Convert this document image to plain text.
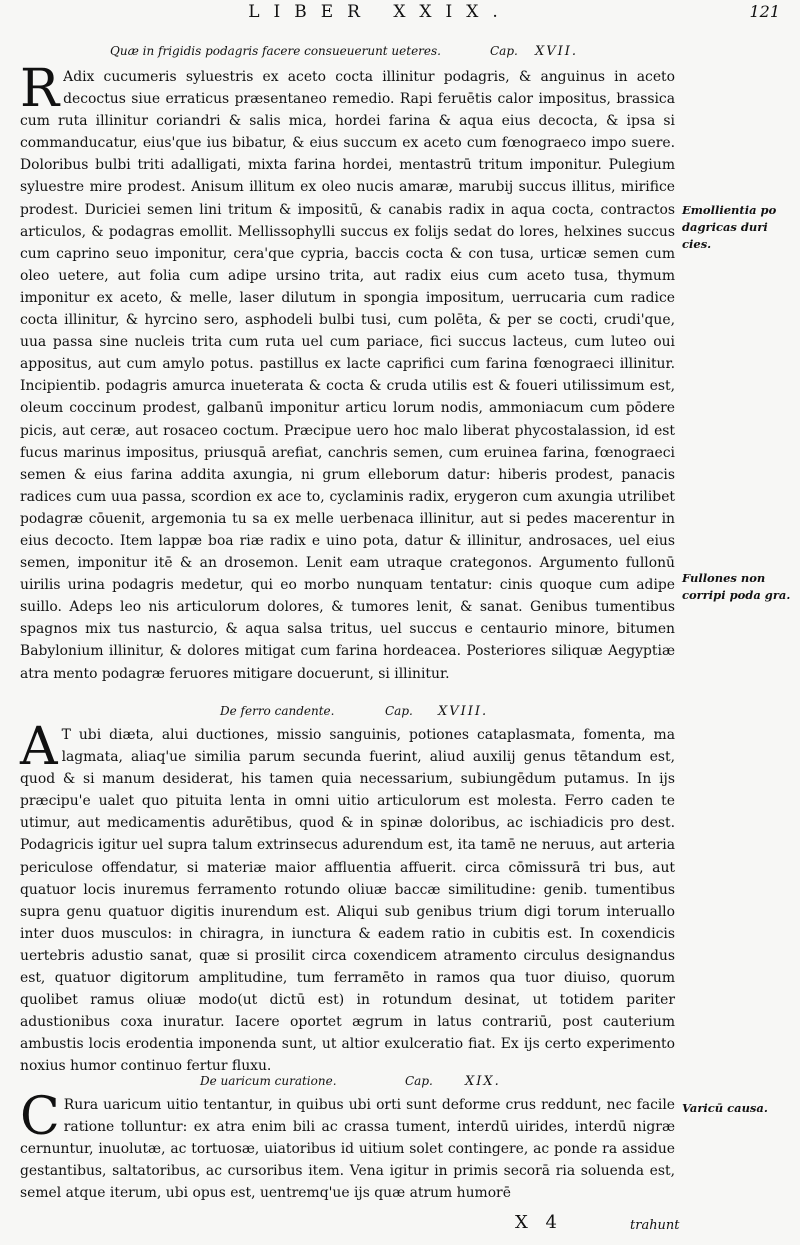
LIBER XXIX.	121
Quæ in frigidis podagris facere consueuerunt ueteres.	Cap. XVII.
R Adix cucumeris syluestris ex aceto cocta illinitur podagris, & anguinus in aceto decoctus siue erraticus præsentaneo remedio. Rapi feruētis calor impositus, brassica cum ruta illinitur coriandri & salis mica, hordei farina & aqua eius decocta, & ipsa si commanducatur, eius'que ius bibatur, & eius succum ex aceto cum fœnograeco impo suere. Doloribus bulbi triti adalligati, mixta farina hordei, mentastrū tritum imponitur. Pulegium syluestre mire prodest. Anisum illitum ex oleo nucis amaræ, marubij succus illitus, mirifice prodest. Duriciei semen lini tritum & impositū, & canabis radix in aqua cocta, contractos articulos, & podagras emollit. Mellissophylli succus ex folijs sedat do lores, helxines succus cum caprino seuo imponitur, cera'que cypria, baccis cocta & con tusa, urticæ semen cum oleo uetere, aut folia cum adipe ursino trita, aut radix eius cum aceto tusa, thymum imponitur ex aceto, & melle, laser dilutum in spongia impositum, uerrucaria cum radice cocta illinitur, & hyrcino sero, asphodeli bulbi tusi, cum polēta, & per se cocti, crudi'que, uua passa sine nucleis trita cum ruta uel cum pariace, fici succus lacteus, cum luteo oui appositus, aut cum amylo potus. pastillus ex lacte caprifici cum farina fœnograeci illinitur. Incipientib. podagris amurca inueterata & cocta & cruda utilis est & foueri utilissimum est, oleum coccinum prodest, galbanū imponitur articu lorum nodis, ammoniacum cum pōdere picis, aut ceræ, aut rosaceo coctum. Præcipue uero hoc malo liberat phycostalassion, id est fucus marinus impositus, priusquā arefiat, canchris semen, cum eruinea farina, fœnograeci semen & eius farina addita axungia, ni grum elleborum datur: hiberis prodest, panacis radices cum uua passa, scordion ex ace to, cyclaminis radix, erygeron cum axungia utrilibet podagræ cōuenit, argemonia tu sa ex melle uerbenaca illinitur, aut si pedes macerentur in eius decocto. Item lappæ boa riæ radix e uino pota, datur & illinitur, androsaces, uel eius semen, imponitur itē & an drosemon. Lenit eam utraque crategonos. Argumento fullonū uirilis urina podagris medetur, qui eo morbo nunquam tentatur: cinis quoque cum adipe suillo. Adeps leo nis articulorum dolores, & tumores lenit, & sanat. Genibus tumentibus spagnos mix tus nasturcio, & aqua salsa tritus, uel succus e centaurio minore, bitumen Babylonium illinitur, & dolores mitigat cum farina hordeacea. Posteriores siliquæ Aegyptiæ atra mento podagræ feruores mitigare docuerunt, si illinitur.
De ferro candente.	Cap. XVIII.
A T ubi diæta, alui ductiones, missio sanguinis, potiones cataplasmata, fomenta, ma lagmata, aliaq'ue similia parum secunda fuerint, aliud auxilij genus tētandum est, quod & si manum desiderat, his tamen quia necessarium, subiungēdum putamus. In ijs præcipu'e ualet quo pituita lenta in omni uitio articulorum est molesta. Ferro caden te utimur, aut medicamentis adurētibus, quod & in spinæ doloribus, ac ischiadicis pro dest. Podagricis igitur uel supra talum extrinsecus adurendum est, ita tamē ne neruus, aut arteria periculose offendatur, si materiæ maior affluentia affuerit. circa cōmissurā tri bus, aut quatuor locis inuremus ferramento rotundo oliuæ baccæ similitudine: genib. tumentibus supra genu quatuor digitis inurendum est. Aliqui sub genibus trium digi torum interuallo inter duos musculos: in chiragra, in iunctura & eadem ratio in cubitis est. In coxendicis uertebris adustio sanat, quæ si prosilit circa coxendicem atramento circulus designandus est, quatuor digitorum amplitudine, tum ferramēto in ramos qua tuor diuiso, quorum quolibet ramus oliuæ modo(ut dictū est) in rotundum desinat, ut totidem pariter adustionibus coxa inuratur. Iacere oportet ægrum in latus contrariū, post cauterium ambustis locis erodentia imponenda sunt, ut altior exulceratio fiat. Ex ijs certo experimento noxius humor continuo fertur fluxu.
De uaricum curatione.	Cap. XIX.
C Rura uaricum uitio tentantur, in quibus ubi orti sunt deforme crus reddunt, nec facile ratione tolluntur: ex atra enim bili ac crassa tument, interdū uirides, interdū nigræ cernuntur, inuolutæ, ac tortuosæ, uiatoribus id uitium solet contingere, ac ponde ra assidue gestantibus, saltatoribus, ac cursoribus item. Vena igitur in primis secorā ria soluenda est, semel atque iterum, ubi opus est, uentremq'ue ijs quæ atrum humorē
Emollientia po dagricas duri cies.
Fullones non corripi poda gra.
Varicū causa.
X 4	trahunt
